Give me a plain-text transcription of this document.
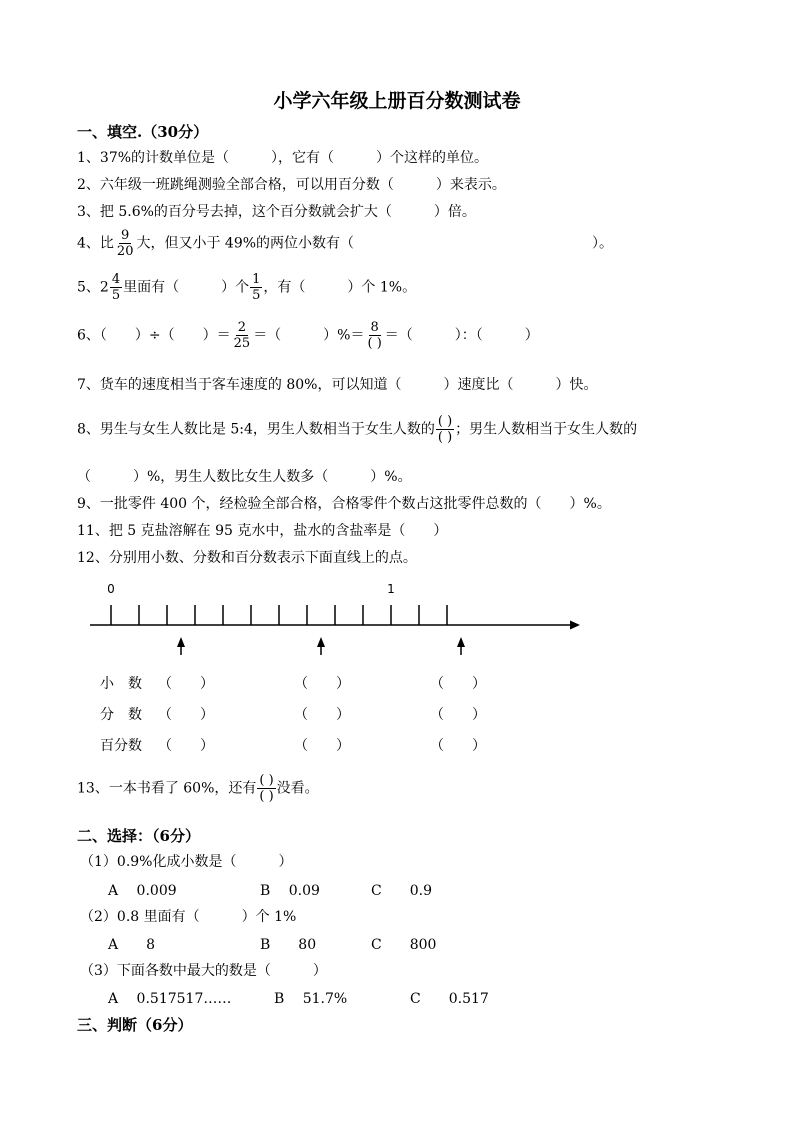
小学六年级上册百分数测试卷
一、填空.（30分）
1、37%的计数单位是（　　　），它有（　　　）个这样的单位。
2、六年级一班跳绳测验全部合格，可以用百分数（　　　）来表示。
3、把 5.6%的百分号去掉，这个百分数就会扩大（　　　）倍。
4、比 $\frac{9}{20}$ 大，但又小于 49%的两位小数有（　　　　　　　　　　　　　　　　　）。
5、$2 \frac{4}{5}$ 里面有（　　　）个 $\frac{1}{5}$ ，有（　　　）个 1%。
6、（　　）÷（　　）＝ $\frac{2}{25}$ ＝（　　　）%＝ $\frac{8}{( )}$ ＝（　　　）：（　　　）
7、货车的速度相当于客车速度的 80%，可以知道（　　　）速度比（　　　）快。
8、男生与女生人数比是 5:4，男生人数相当于女生人数的 $\frac{( )}{( )}$ ；男生人数相当于女生人数的
（　　　）%，男生人数比女生人数多（　　　）%。
9、一批零件 400 个，经检验全部合格，合格零件个数占这批零件总数的（　　）%。
11、把 5 克盐溶解在 95 克水中，盐水的含盐率是（　　）
12、分别用小数、分数和百分数表示下面直线上的点。
0	1
小　数 （　　）	（　　）	（　　）
分　数 （　　）	（　　）	（　　）
百分数 （　　）	（　　）	（　　）
13、一本书看了 60%，还有 $\frac{( )}{( )}$ 没看。
二、选择：（6分）
（1）0.9%化成小数是（　　　）
A　 0.009	B　 0.09	C　　0.9
（2）0.8 里面有（　　　）个 1%
A　　8	B　　80	C　　800
（3）下面各数中最大的数是（　　　）
A　 0.517517……	B　 51.7%	C　　0.517
三、判断（6分）
